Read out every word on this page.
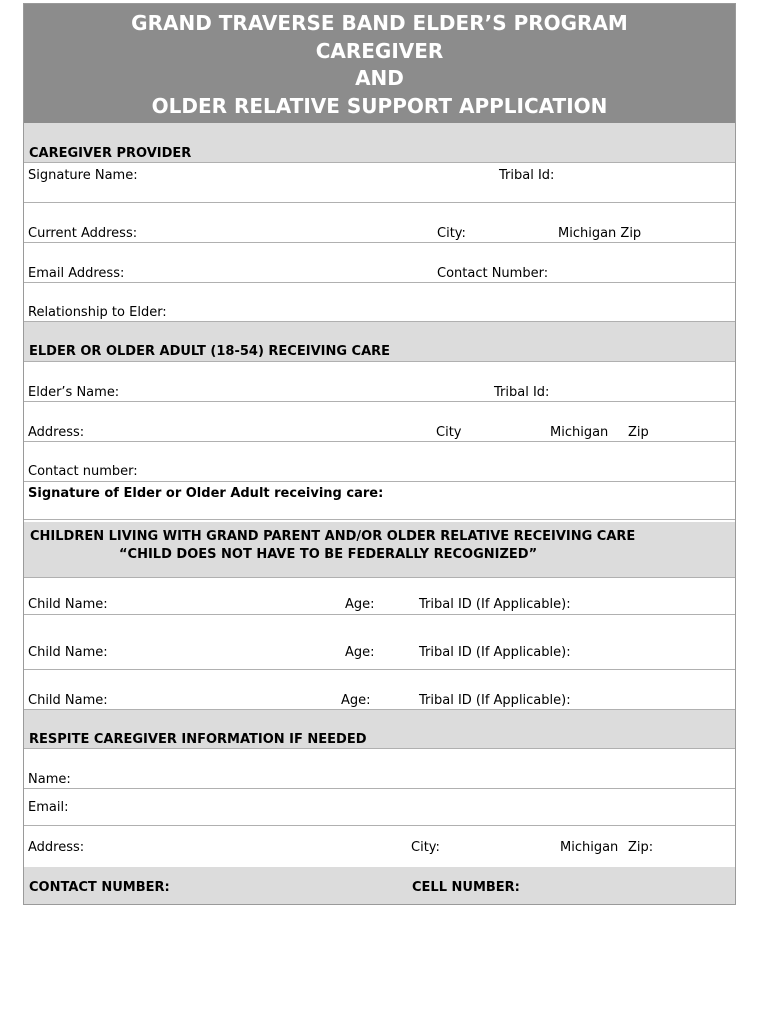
GRAND TRAVERSE BAND ELDER’S PROGRAM
CAREGIVER
AND
OLDER RELATIVE SUPPORT APPLICATION
CAREGIVER PROVIDER
Signature Name:	Tribal Id:
Current Address:	City:	Michigan Zip
Email Address:	Contact Number:
Relationship to Elder:
ELDER OR OLDER ADULT (18-54) RECEIVING CARE
Elder’s Name:	Tribal Id:
Address:	City	Michigan Zip
Contact number:
Signature of Elder or Older Adult receiving care:
CHILDREN LIVING WITH GRAND PARENT AND/OR OLDER RELATIVE RECEIVING CARE
“CHILD DOES NOT HAVE TO BE FEDERALLY RECOGNIZED”
Child Name:	Age:	Tribal ID (If Applicable):
Child Name:	Age:	Tribal ID (If Applicable):
Child Name:	Age:	Tribal ID (If Applicable):
RESPITE CAREGIVER INFORMATION IF NEEDED
Name:
Email:
Address:	City:	Michigan Zip:
CONTACT NUMBER:	CELL NUMBER:
